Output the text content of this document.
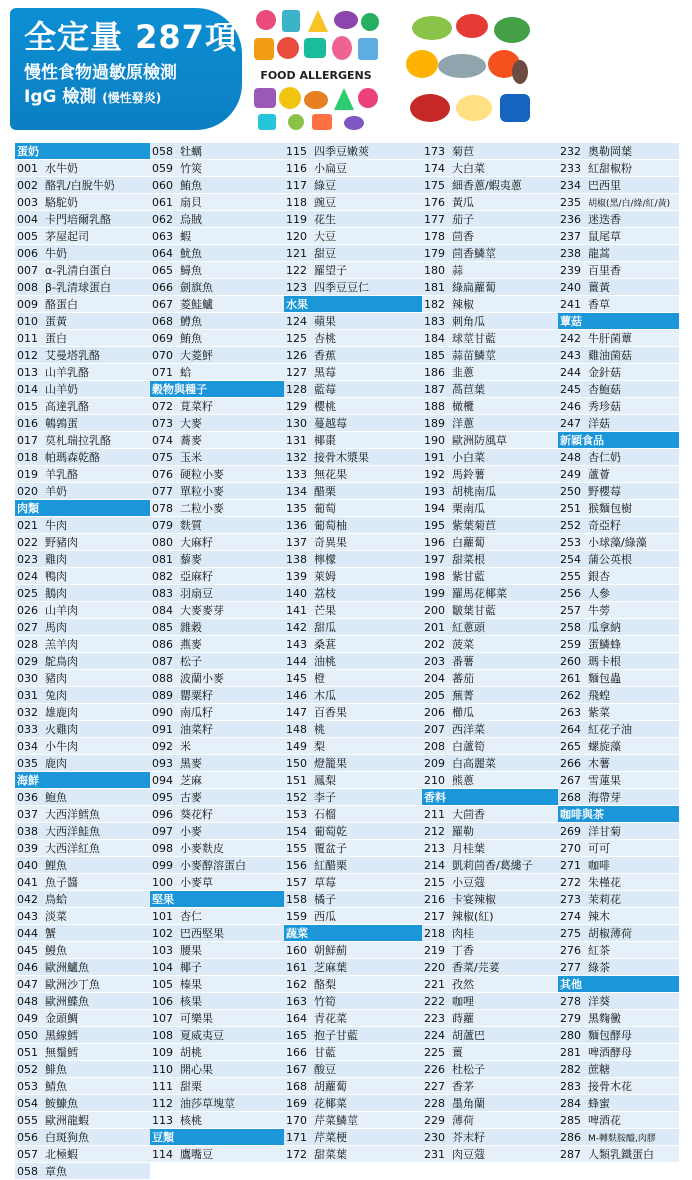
全定量 287項
慢性食物過敏原檢測
IgG 檢測 (慢性發炎)
FOOD ALLERGENS
蛋奶
001 水牛奶
002 酪乳/白脫牛奶
003 駱駝奶
004 卡門培爾乳酪
005 茅屋起司
006 牛奶
007 α-乳清白蛋白
008 β-乳清球蛋白
009 酪蛋白
010 蛋黃
011 蛋白
012 艾曼塔乳酪
013 山羊乳酪
014 山羊奶
015 高達乳酪
016 鵪鶉蛋
017 莫札瑞拉乳酪
018 帕瑪森乾酪
019 羊乳酪
020 羊奶
肉類
021 牛肉
022 野豬肉
023 雞肉
024 鴨肉
025 鵝肉
026 山羊肉
027 馬肉
028 羔羊肉
029 鴕鳥肉
030 豬肉
031 兔肉
032 雄鹿肉
033 火雞肉
034 小牛肉
035 鹿肉
海鮮
036 鮑魚
037 大西洋鱈魚
038 大西洋鮭魚
039 大西洋紅魚
040 鯉魚
041 魚子醬
042 鳥蛤
043 淡菜
044 蟹
045 鰻魚
046 歐洲鱸魚
047 歐洲沙丁魚
048 歐洲鰈魚
049 金頭鯛
050 黑線鱈
051 無鬚鱈
052 鯡魚
053 鯖魚
054 鮟鱇魚
055 歐洲龍蝦
056 白斑狗魚
057 北極蝦
058 章魚
058 牡蠣
059 竹筴
060 鮪魚
061 扇貝
062 烏賊
063 蝦
064 魷魚
065 鱘魚
066 劍旗魚
067 菱鮭鱸
068 鱒魚
069 鮪魚
070 大菱鮃
071 蛤
穀物與種子
072 莧菜籽
073 大麥
074 蕎麥
075 玉米
076 硬粒小麥
077 單粒小麥
078 二粒小麥
079 麩質
080 大麻籽
081 藜麥
082 亞麻籽
083 羽扇豆
084 大麥麥芽
085 雜穀
086 燕麥
087 松子
088 波蘭小麥
089 罌粟籽
090 南瓜籽
091 油菜籽
092 米
093 黑麥
094 芝麻
095 古麥
096 葵花籽
097 小麥
098 小麥麩皮
099 小麥醇溶蛋白
100 小麥草
堅果
101 杏仁
102 巴西堅果
103 腰果
104 椰子
105 榛果
106 核果
107 可樂果
108 夏威夷豆
109 胡桃
110 開心果
111 甜栗
112 油莎草塊莖
113 核桃
豆類
114 鷹嘴豆
115 四季豆嫩莢
116 小扁豆
117 綠豆
118 豌豆
119 花生
120 大豆
121 甜豆
122 羅望子
123 四季豆豆仁
水果
124 蘋果
125 杏桃
126 香蕉
127 黑莓
128 藍莓
129 櫻桃
130 蔓越莓
131 椰棗
132 接骨木漿果
133 無花果
134 醋栗
135 葡萄
136 葡萄柚
137 奇異果
138 檸檬
139 萊姆
140 荔枝
141 芒果
142 甜瓜
143 桑葚
144 油桃
145 橙
146 木瓜
147 百香果
148 桃
149 梨
150 燈籠果
151 鳳梨
152 李子
153 石榴
154 葡萄乾
155 覆盆子
156 紅醋栗
157 草莓
158 橘子
159 西瓜
蔬菜
160 朝鮮薊
161 芝麻葉
162 酪梨
163 竹筍
164 青花菜
165 抱子甘藍
166 甘藍
167 酸豆
168 胡蘿蔔
169 花椰菜
170 芹菜鱗莖
171 芹菜梗
172 甜菜葉
173 菊苣
174 大白菜
175 細香蔥/蝦夷蔥
176 黃瓜
177 茄子
178 茴香
179 茴香鱗莖
180 蒜
181 綠扁蘿蔔
182 辣椒
183 刺角瓜
184 球莖甘藍
185 蒜苗鱗莖
186 韭蔥
187 萵苣葉
188 橄欖
189 洋蔥
190 歐洲防風草
191 小白菜
192 馬鈴薯
193 胡桃南瓜
194 栗南瓜
195 紫葉菊苣
196 白蘿蔔
197 甜菜根
198 紫甘藍
199 羅馬花椰菜
200 皺葉甘藍
201 紅蔥頭
202 菠菜
203 番薯
204 蕃茄
205 蕪菁
206 櫛瓜
207 西洋菜
208 白蘆筍
209 白高麗菜
210 熊蔥
香料
211 大茴香
212 羅勒
213 月桂葉
214 凱莉茴香/葛縷子
215 小豆蔻
216 卡宴辣椒
217 辣椒(紅)
218 肉桂
219 丁香
220 香菜/芫荽
221 孜然
222 咖哩
223 蒔蘿
224 胡蘆巴
225 薑
226 杜松子
227 香茅
228 墨角蘭
229 薄荷
230 芥末籽
231 肉豆蔻
232 奧勒岡葉
233 紅甜椒粉
234 巴西里
235 胡椒(黑/白/綠/紅/黃)
236 迷迭香
237 鼠尾草
238 龍蒿
239 百里香
240 薑黃
241 香草
蕈菇
242 牛肝菌蕈
243 雞油菌菇
244 金針菇
245 杏鮑菇
246 秀珍菇
247 洋菇
新穎食品
248 杏仁奶
249 蘆薈
250 野櫻莓
251 猴麵包樹
252 奇亞籽
253 小球藻/綠藻
254 蒲公英根
255 銀杏
256 人參
257 牛蒡
258 瓜拿納
259 蛋鱗蜂
260 瑪卡根
261 麵包蟲
262 飛蝗
263 紫菜
264 紅花子油
265 螺旋藻
266 木薯
267 雪蓮果
268 海帶芽
咖啡與茶
269 洋甘菊
270 可可
271 咖啡
272 朱槿花
273 茉莉花
274 辣木
275 胡椒薄荷
276 紅茶
277 綠茶
其他
278 洋葵
279 黑麴黴
280 麵包酵母
281 啤酒酵母
282 蔗糖
283 接骨木花
284 蜂蜜
285 啤酒花
286 M-轉麩胺醯,肉膠
287 人類乳鐵蛋白
